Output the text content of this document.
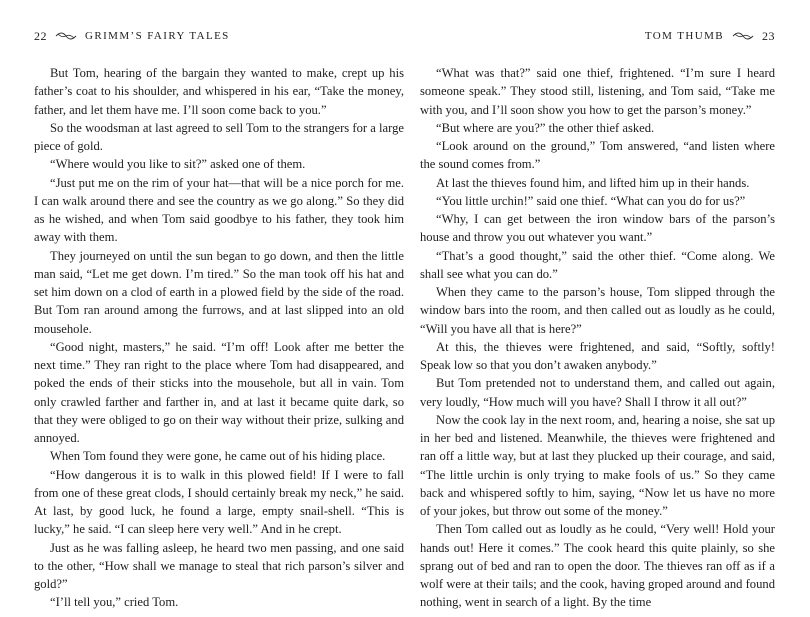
22	GRIMM’S FAIRY TALES

But Tom, hearing of the bargain they wanted to make, crept up his father’s coat to his shoulder, and whispered in his ear, “Take the money, father, and let them have me. I’ll soon come back to you.”

So the woodsman at last agreed to sell Tom to the strangers for a large piece of gold.

“Where would you like to sit?” asked one of them.

“Just put me on the rim of your hat—that will be a nice porch for me. I can walk around there and see the country as we go along.” So they did as he wished, and when Tom said goodbye to his father, they took him away with them.

They journeyed on until the sun began to go down, and then the little man said, “Let me get down. I’m tired.” So the man took off his hat and set him down on a clod of earth in a plowed field by the side of the road. But Tom ran around among the furrows, and at last slipped into an old mousehole.

“Good night, masters,” he said. “I’m off! Look after me better the next time.” They ran right to the place where Tom had disappeared, and poked the ends of their sticks into the mousehole, but all in vain. Tom only crawled farther and farther in, and at last it became quite dark, so that they were obliged to go on their way without their prize, sulking and annoyed.

When Tom found they were gone, he came out of his hiding place.

“How dangerous it is to walk in this plowed field! If I were to fall from one of these great clods, I should certainly break my neck,” he said. At last, by good luck, he found a large, empty snail-shell. “This is lucky,” he said. “I can sleep here very well.” And in he crept.

Just as he was falling asleep, he heard two men passing, and one said to the other, “How shall we manage to steal that rich parson’s silver and gold?”

“I’ll tell you,” cried Tom.

TOM THUMB	23

“What was that?” said one thief, frightened. “I’m sure I heard someone speak.” They stood still, listening, and Tom said, “Take me with you, and I’ll soon show you how to get the parson’s money.”

“But where are you?” the other thief asked.

“Look around on the ground,” Tom answered, “and listen where the sound comes from.”

At last the thieves found him, and lifted him up in their hands.

“You little urchin!” said one thief. “What can you do for us?”

“Why, I can get between the iron window bars of the parson’s house and throw you out whatever you want.”

“That’s a good thought,” said the other thief. “Come along. We shall see what you can do.”

When they came to the parson’s house, Tom slipped through the window bars into the room, and then called out as loudly as he could, “Will you have all that is here?”

At this, the thieves were frightened, and said, “Softly, softly! Speak low so that you don’t awaken anybody.”

But Tom pretended not to understand them, and called out again, very loudly, “How much will you have? Shall I throw it all out?”

Now the cook lay in the next room, and, hearing a noise, she sat up in her bed and listened. Meanwhile, the thieves were frightened and ran off a little way, but at last they plucked up their courage, and said, “The little urchin is only trying to make fools of us.” So they came back and whispered softly to him, saying, “Now let us have no more of your jokes, but throw out some of the money.”

Then Tom called out as loudly as he could, “Very well! Hold your hands out! Here it comes.” The cook heard this quite plainly, so she sprang out of bed and ran to open the door. The thieves ran off as if a wolf were at their tails; and the cook, having groped around and found nothing, went in search of a light. By the time
